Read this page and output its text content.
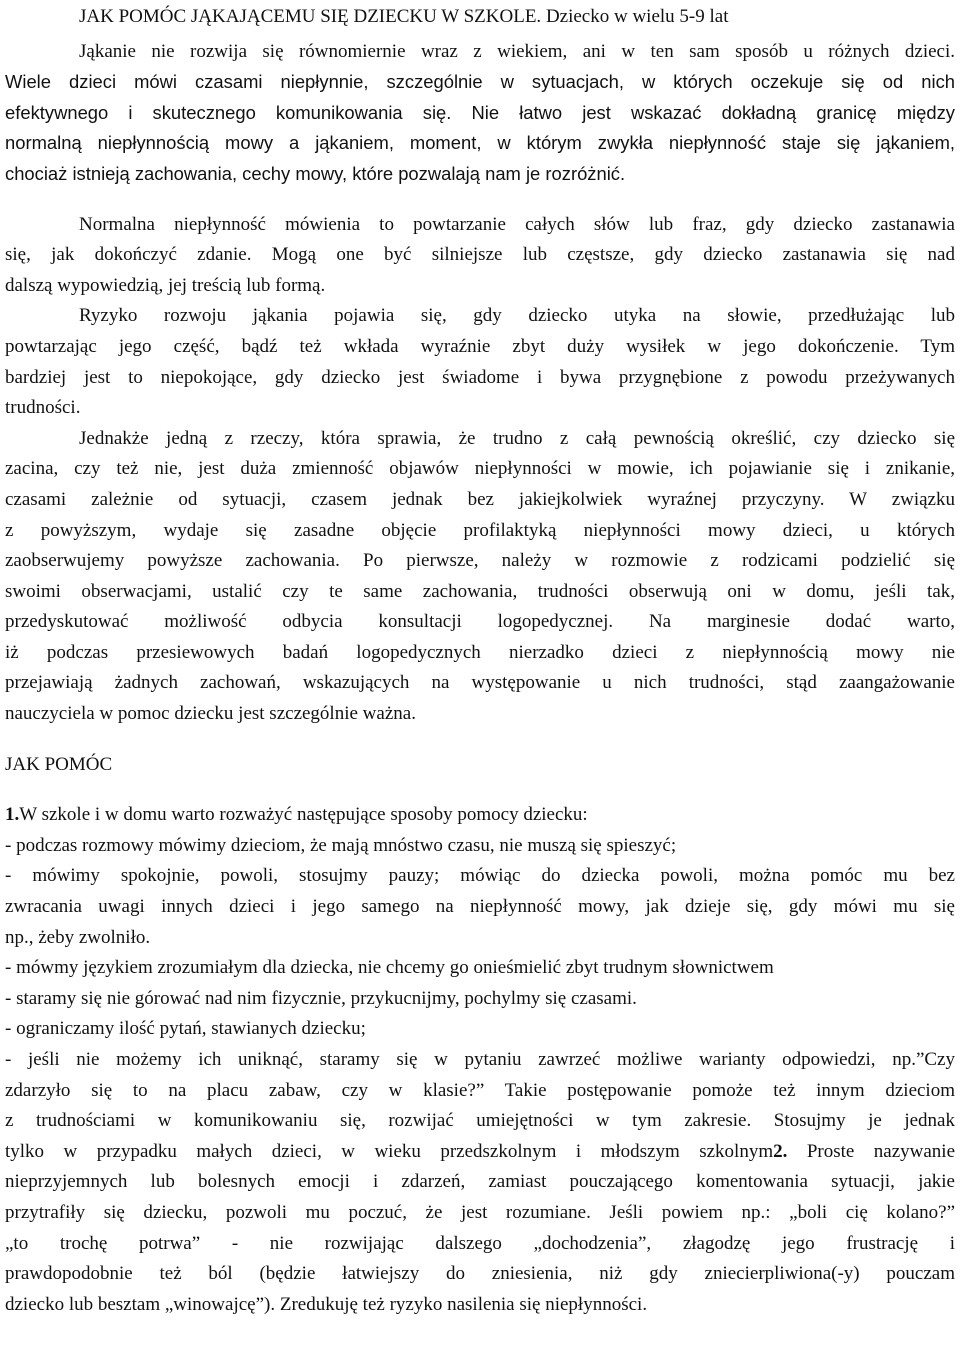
JAK POMÓC JĄKAJĄCEMU SIĘ DZIECKU W SZKOLE. Dziecko w wielu 5-9 lat
Jąkanie nie rozwija się równomiernie wraz z wiekiem, ani w ten sam sposób u różnych dzieci.
Wiele dzieci mówi czasami niepłynnie, szczególnie w sytuacjach, w których oczekuje się od nich
efektywnego i skutecznego komunikowania się. Nie łatwo jest wskazać dokładną granicę między
normalną niepłynnością mowy a jąkaniem, moment, w którym zwykła niepłynność staje się jąkaniem,
chociaż istnieją zachowania, cechy mowy, które pozwalają nam je rozróżnić.
Normalna niepłynność mówienia to powtarzanie całych słów lub fraz, gdy dziecko zastanawia
się, jak dokończyć zdanie. Mogą one być silniejsze lub częstsze, gdy dziecko zastanawia się nad
dalszą wypowiedzią, jej treścią lub formą.
Ryzyko rozwoju jąkania pojawia się, gdy dziecko utyka na słowie, przedłużając lub
powtarzając jego część, bądź też wkłada wyraźnie zbyt duży wysiłek w jego dokończenie. Tym
bardziej jest to niepokojące, gdy dziecko jest świadome i bywa przygnębione z powodu przeżywanych
trudności.
Jednakże jedną z rzeczy, która sprawia, że trudno z całą pewnością określić, czy dziecko się
zacina, czy też nie, jest duża zmienność objawów niepłynności w mowie, ich pojawianie się i znikanie,
czasami zależnie od sytuacji, czasem jednak bez jakiejkolwiek wyraźnej przyczyny. W związku
z powyższym, wydaje się zasadne objęcie profilaktyką niepłynności mowy dzieci, u których
zaobserwujemy powyższe zachowania. Po pierwsze, należy w rozmowie z rodzicami podzielić się
swoimi obserwacjami, ustalić czy te same zachowania, trudności obserwują oni w domu, jeśli tak,
przedyskutować możliwość odbycia konsultacji logopedycznej. Na marginesie dodać warto,
iż podczas przesiewowych badań logopedycznych nierzadko dzieci z niepłynnością mowy nie
przejawiają żadnych zachowań, wskazujących na występowanie u nich trudności, stąd zaangażowanie
nauczyciela w pomoc dziecku jest szczególnie ważna.
JAK POMÓC
1.W szkole i w domu warto rozważyć następujące sposoby pomocy dziecku:
- podczas rozmowy mówimy dzieciom, że mają mnóstwo czasu, nie muszą się spieszyć;
- mówimy spokojnie, powoli, stosujmy pauzy; mówiąc do dziecka powoli, można pomóc mu bez
zwracania uwagi innych dzieci i jego samego na niepłynność mowy, jak dzieje się, gdy mówi mu się
np., żeby zwolniło.
- mówmy językiem zrozumiałym dla dziecka, nie chcemy go onieśmielić zbyt trudnym słownictwem
- staramy się nie górować nad nim fizycznie, przykucnijmy, pochylmy się czasami.
- ograniczamy ilość pytań, stawianych dziecku;
- jeśli nie możemy ich uniknąć, staramy się w pytaniu zawrzeć możliwe warianty odpowiedzi, np.”Czy
zdarzyło się to na placu zabaw, czy w klasie?” Takie postępowanie pomoże też innym dzieciom
z trudnościami w komunikowaniu się, rozwijać umiejętności w tym zakresie. Stosujmy je jednak
tylko w przypadku małych dzieci, w wieku przedszkolnym i młodszym szkolnym2. Proste nazywanie
nieprzyjemnych lub bolesnych emocji i zdarzeń, zamiast pouczającego komentowania sytuacji, jakie
przytrafiły się dziecku, pozwoli mu poczuć, że jest rozumiane. Jeśli powiem np.: „boli cię kolano?”
„to trochę potrwa” - nie rozwijając dalszego „dochodzenia”, złagodzę jego frustrację i
prawdopodobnie też ból (będzie łatwiejszy do zniesienia, niż gdy zniecierpliwiona(-y) pouczam
dziecko lub besztam „winowajcę”). Zredukuję też ryzyko nasilenia się niepłynności.
